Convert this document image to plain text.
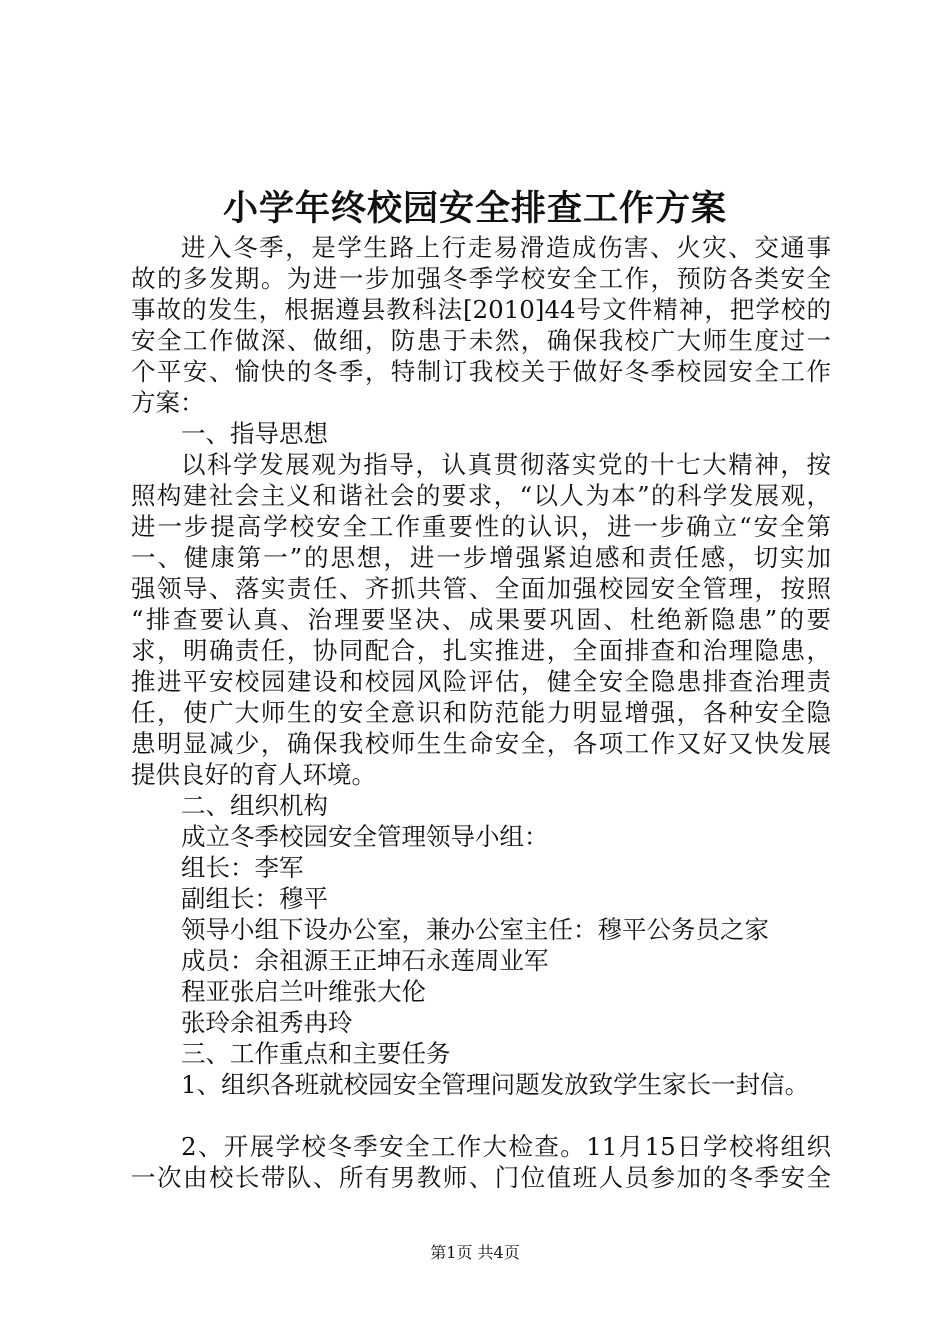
小学年终校园安全排查工作方案
进入冬季，是学生路上行走易滑造成伤害、火灾、交通事
故的多发期。为进一步加强冬季学校安全工作，预防各类安全
事故的发生，根据遵县教科法[2010]44号文件精神，把学校的
安全工作做深、做细，防患于未然，确保我校广大师生度过一
个平安、愉快的冬季，特制订我校关于做好冬季校园安全工作
方案：
一、指导思想
以科学发展观为指导，认真贯彻落实党的十七大精神，按
照构建社会主义和谐社会的要求，“以人为本”的科学发展观，
进一步提高学校安全工作重要性的认识，进一步确立“安全第
一、健康第一”的思想，进一步增强紧迫感和责任感，切实加
强领导、落实责任、齐抓共管、全面加强校园安全管理，按照
“排查要认真、治理要坚决、成果要巩固、杜绝新隐患”的要
求，明确责任，协同配合，扎实推进，全面排查和治理隐患，
推进平安校园建设和校园风险评估，健全安全隐患排查治理责
任，使广大师生的安全意识和防范能力明显增强，各种安全隐
患明显减少，确保我校师生生命安全，各项工作又好又快发展
提供良好的育人环境。
二、组织机构
成立冬季校园安全管理领导小组：
组长：李军
副组长：穆平
领导小组下设办公室，兼办公室主任：穆平公务员之家
成员：余祖源王正坤石永莲周业军
程亚张启兰叶维张大伦
张玲余祖秀冉玲
三、工作重点和主要任务
1、组织各班就校园安全管理问题发放致学生家长一封信。
2、开展学校冬季安全工作大检查。11月15日学校将组织
一次由校长带队、所有男教师、门位值班人员参加的冬季安全
第1页 共4页
